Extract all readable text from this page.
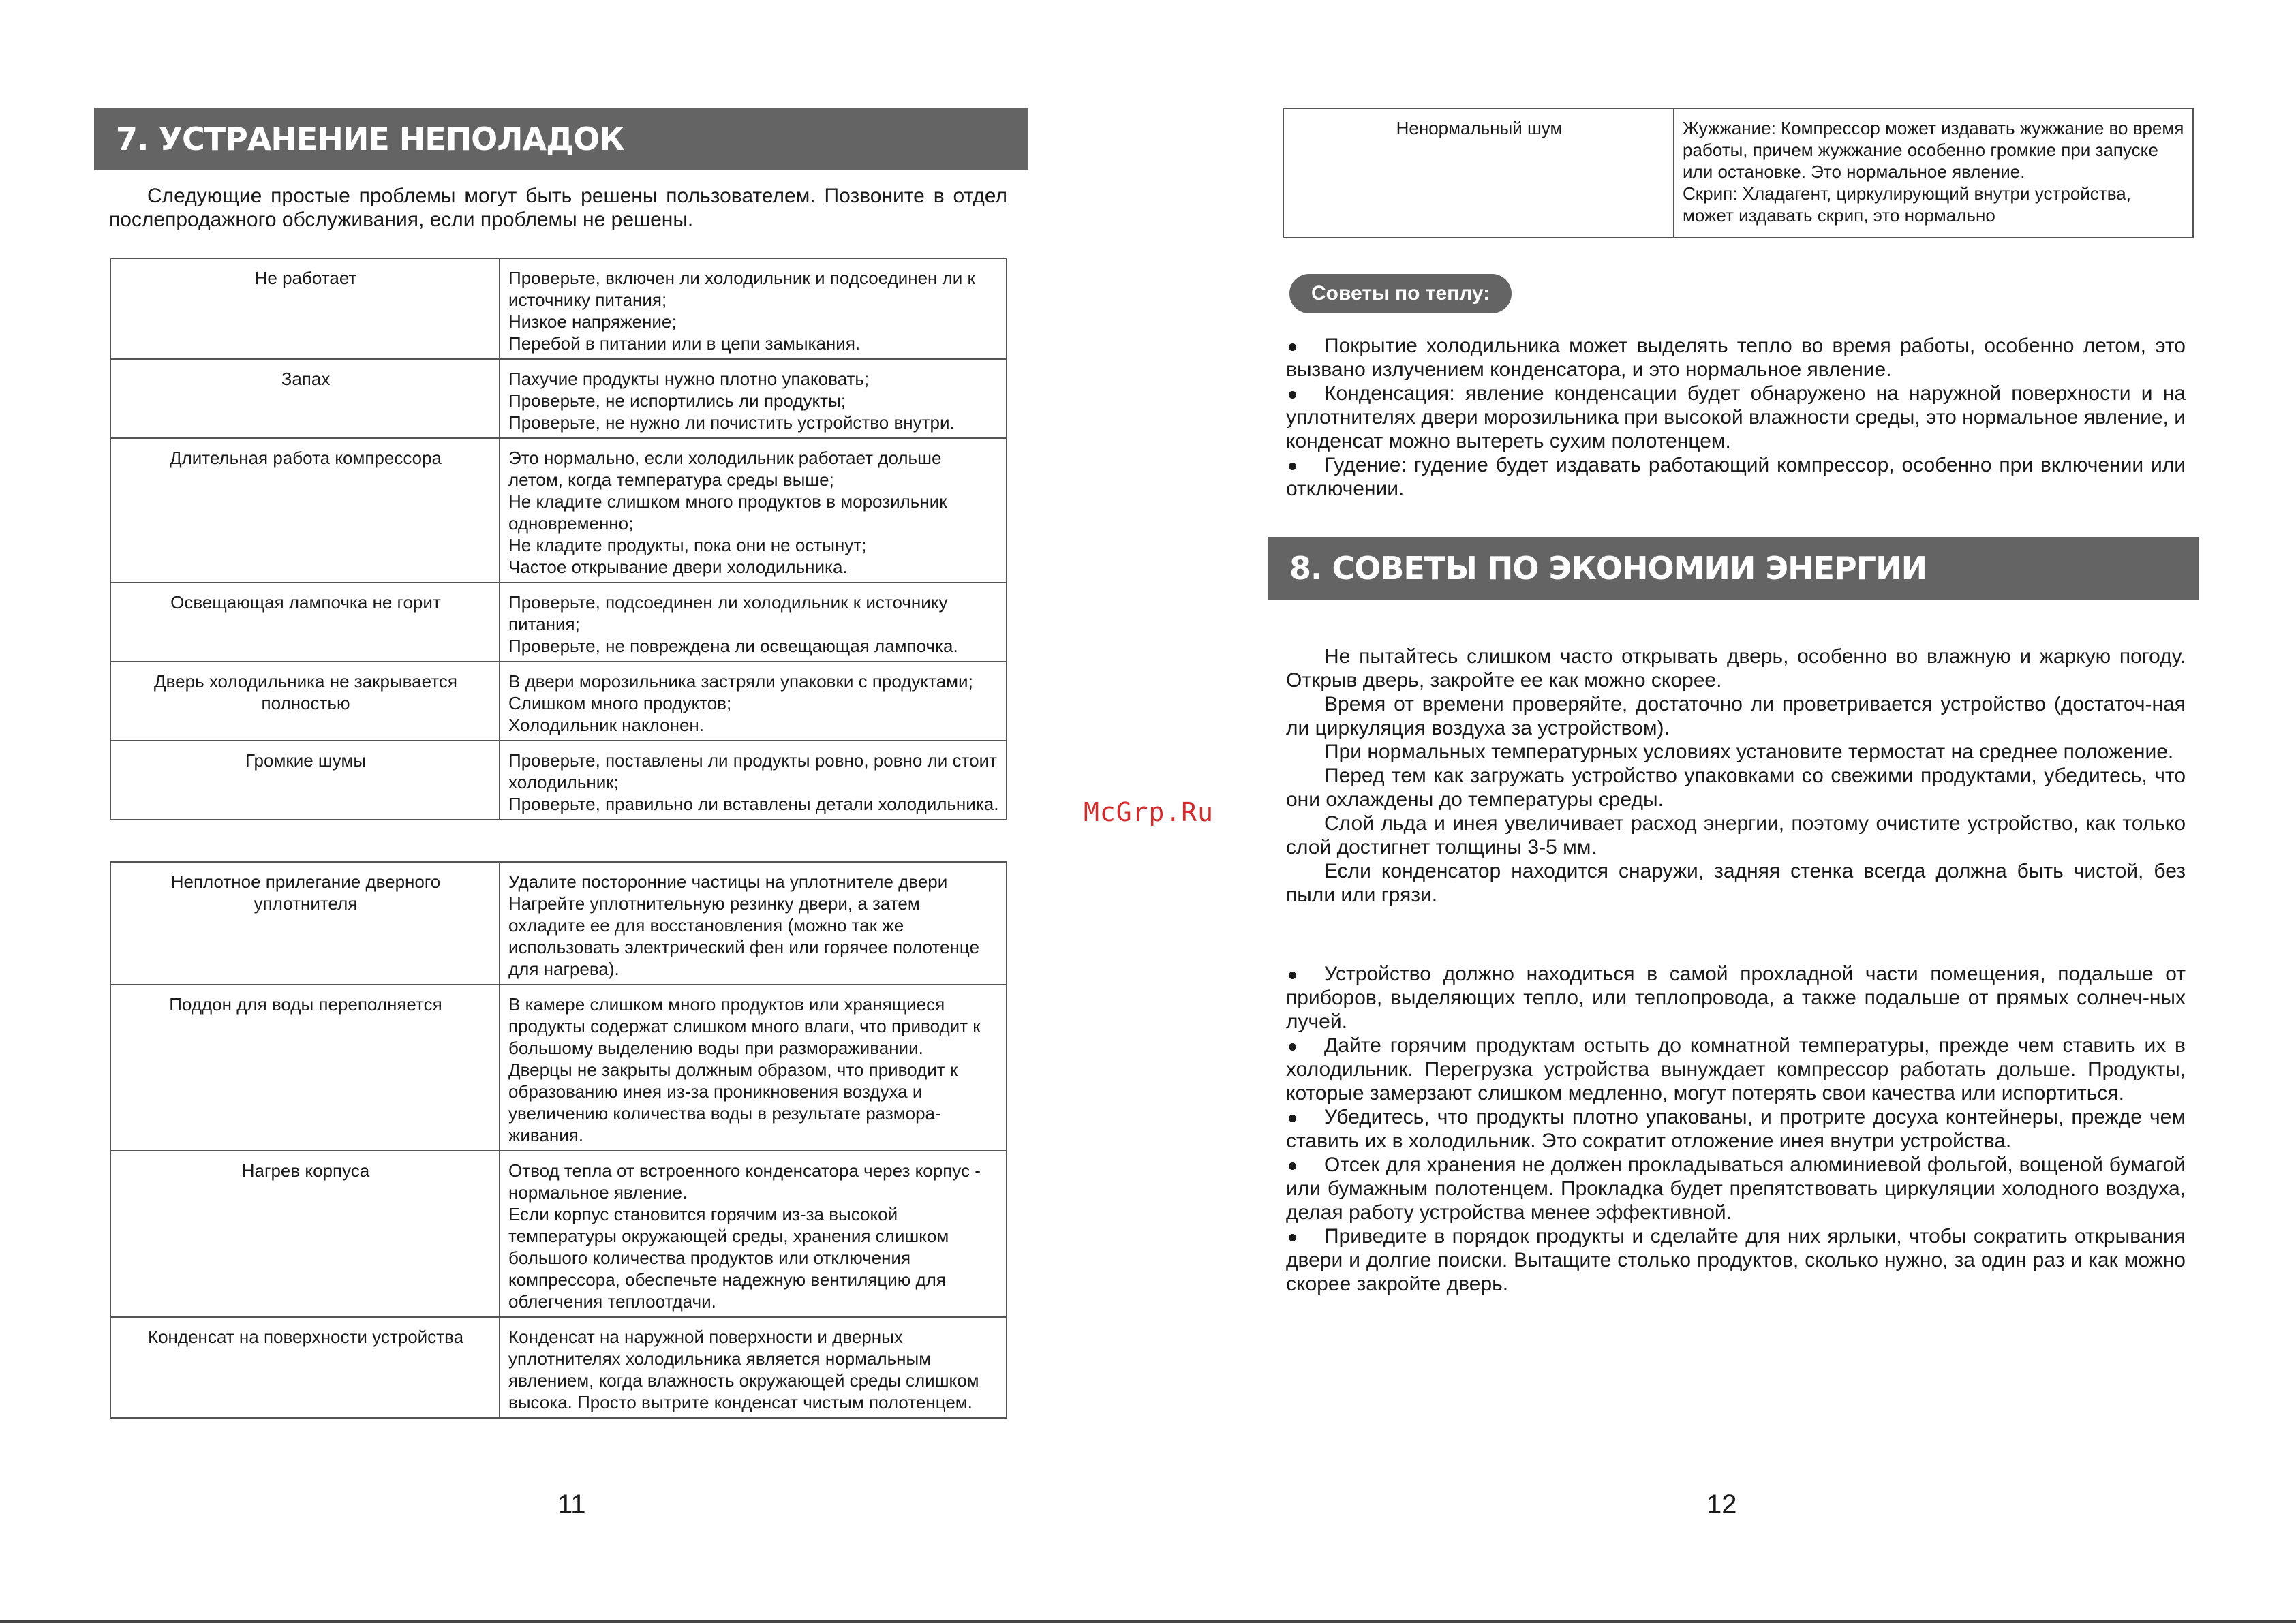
7. УСТРАНЕНИЕ НЕПОЛАДОК

Следующие простые проблемы могут быть решены пользователем. Позвоните в отдел послепродажного обслуживания, если проблемы не решены.

Не работает	Проверьте, включен ли холодильник и подсоединен ли к источнику питания;
Низкое напряжение;
Перебой в питании или в цепи замыкания.

Запах	Пахучие продукты нужно плотно упаковать;
Проверьте, не испортились ли продукты;
Проверьте, не нужно ли почистить устройство внутри.

Длительная работа компрессора	Это нормально, если холодильник работает дольше летом, когда температура среды выше;
Не кладите слишком много продуктов в морозильник одновременно;
Не кладите продукты, пока они не остынут;
Частое открывание двери холодильника.

Освещающая лампочка не горит	Проверьте, подсоединен ли холодильник к источнику питания;
Проверьте, не повреждена ли освещающая лампочка.

Дверь холодильника не закрывается полностью	В двери морозильника застряли упаковки с продуктами;
Слишком много продуктов;
Холодильник наклонен.

Громкие шумы	Проверьте, поставлены ли продукты ровно, ровно ли стоит холодильник;
Проверьте, правильно ли вставлены детали холодильника.
Неплотное прилегание дверного уплотнителя	Удалите посторонние частицы на уплотнителе двери
Нагрейте уплотнительную резинку двери, а затем охладите ее для восстановления (можно так же использовать электрический фен или горячее полотенце для нагрева).

Поддон для воды переполняется	В камере слишком много продуктов или хранящиеся продукты содержат слишком много влаги, что приводит к большому выделению воды при размораживании.
Дверцы не закрыты должным образом, что приводит к образованию инея из-за проникновения воздуха и увеличению количества воды в результате разморa-живания.

Нагрев корпуса	Отвод тепла от встроенного конденсатора через корпус - нормальное явление.
Если корпус становится горячим из-за высокой температуры окружающей среды, хранения слишком большого количества продуктов или отключения компрессора, обеспечьте надежную вентиляцию для облегчения теплоотдачи.

Конденсат на поверхности устройства	Конденсат на наружной поверхности и дверных уплотнителях холодильника является нормальным явлением, когда влажность окружающей среды слишком высока. Просто вытрите конденсат чистым полотенцем.
11
McGrp.Ru
Ненормальный шум	Жужжание: Компрессор может издавать жужжание во время работы, причем жужжание особенно громкие при запуске или остановке. Это нормальное явление.
Скрип: Хладагент, циркулирующий внутри устройства, может издавать скрип, это нормально
Советы по теплу:
Покрытие холодильника может выделять тепло во время работы, особенно летом, это вызвано излучением конденсатора, и это нормальное явление.
Конденсация: явление конденсации будет обнаружено на наружной поверхности и на уплотнителях двери морозильника при высокой влажности среды, это нормальное явление, и конденсат можно вытереть сухим полотенцем.
Гудение: гудение будет издавать работающий компрессор, особенно при включении или отключении.
8. СОВЕТЫ ПО ЭКОНОМИИ ЭНЕРГИИ

Не пытайтесь слишком часто открывать дверь, особенно во влажную и жаркую погоду. Открыв дверь, закройте ее как можно скорее.

Время от времени проверяйте, достаточно ли проветривается устройство (достаточ-ная ли циркуляция воздуха за устройством).

При нормальных температурных условиях установите термостат на среднее положение.

Перед тем как загружать устройство упаковками со свежими продуктами, убедитесь, что они охлаждены до температуры среды.

Слой льда и инея увеличивает расход энергии, поэтому очистите устройство, как только слой достигнет толщины 3-5 мм.

Если конденсатор находится снаружи, задняя стенка всегда должна быть чистой, без пыли или грязи.

Устройство должно находиться в самой прохладной части помещения, подальше от приборов, выделяющих тепло, или теплопровода, а также подальше от прямых солнеч-ных лучей.
Дайте горячим продуктам остыть до комнатной температуры, прежде чем ставить их в холодильник. Перегрузка устройства вынуждает компрессор работать дольше. Продукты, которые замерзают слишком медленно, могут потерять свои качества или испортиться.
Убедитесь, что продукты плотно упакованы, и протрите досуха контейнеры, прежде чем ставить их в холодильник. Это сократит отложение инея внутри устройства.
Отсек для хранения не должен прокладываться алюминиевой фольгой, вощеной бумагой или бумажным полотенцем. Прокладка будет препятствовать циркуляции холодного воздуха, делая работу устройства менее эффективной.
Приведите в порядок продукты и сделайте для них ярлыки, чтобы сократить открывания двери и долгие поиски. Вытащите столько продуктов, сколько нужно, за один раз и как можно скорее закройте дверь.
12
